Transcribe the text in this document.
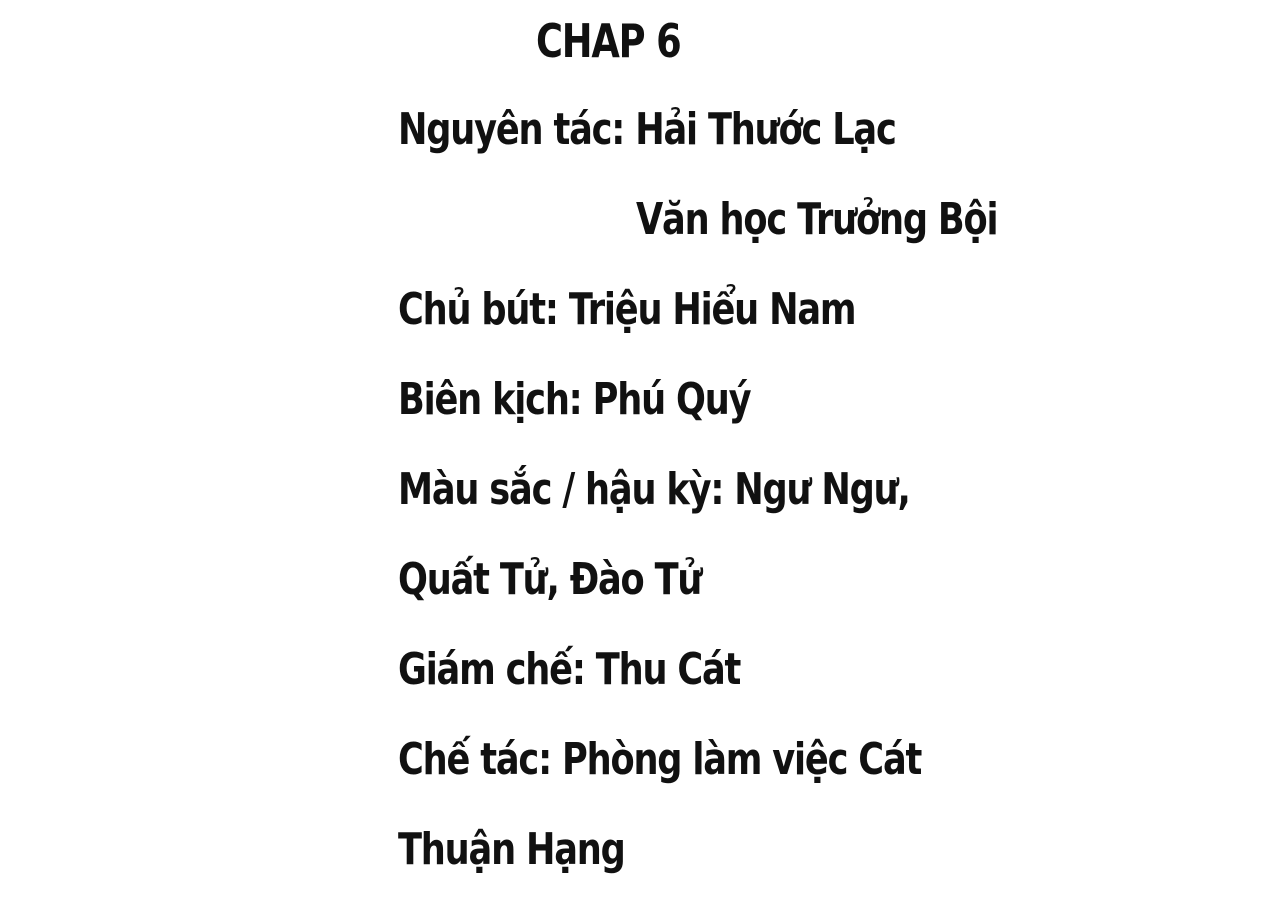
CHAP 6
Nguyên tác: Hải Thước Lạc
Văn học Trưởng Bội
Chủ bút: Triệu Hiểu Nam
Biên kịch: Phú Quý
Màu sắc / hậu kỳ: Ngư Ngư,
Quất Tử, Đào Tử
Giám chế: Thu Cát
Chế tác: Phòng làm việc Cát
Thuận Hạng
